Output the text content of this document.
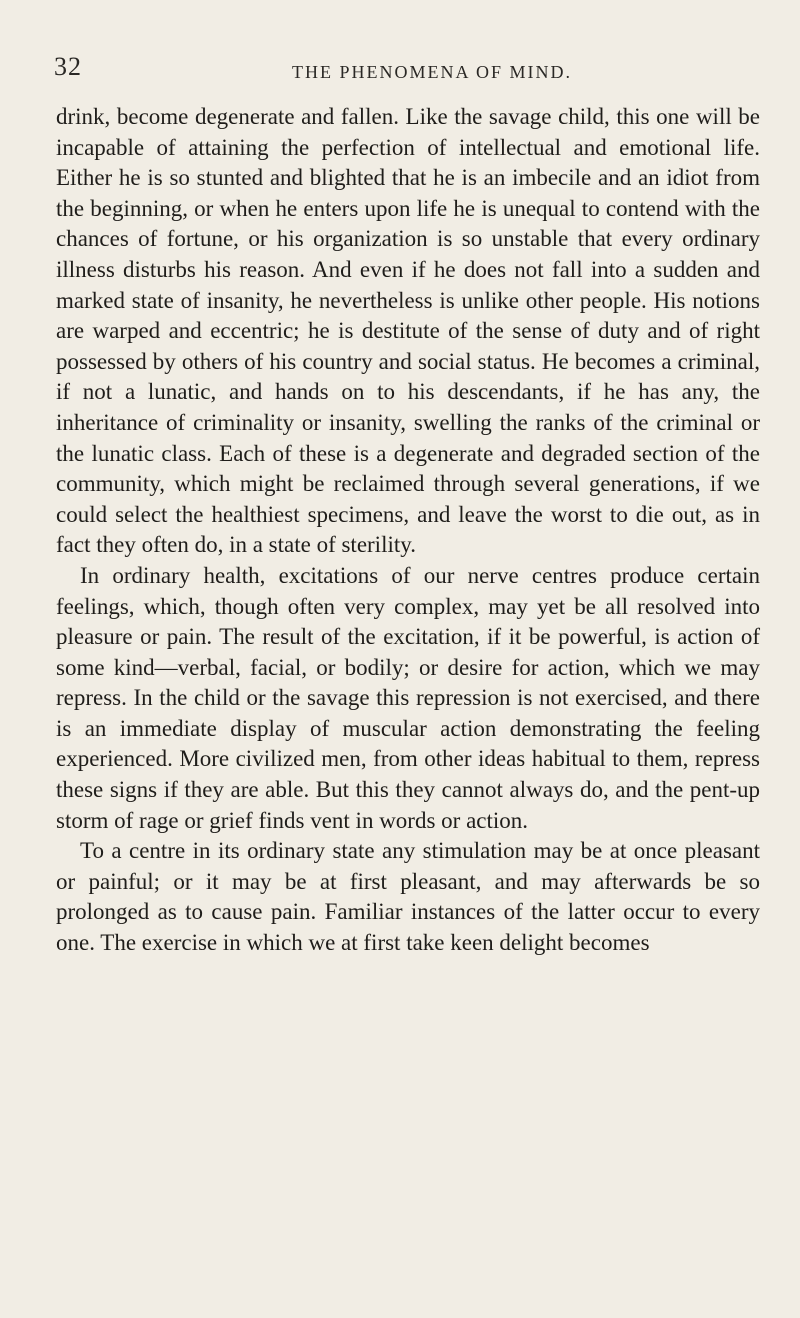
32	THE PHENOMENA OF MIND.

drink, become degenerate and fallen. Like the savage child, this one will be incapable of attaining the perfection of intellectual and emotional life. Either he is so stunted and blighted that he is an imbecile and an idiot from the beginning, or when he enters upon life he is unequal to contend with the chances of fortune, or his organization is so unstable that every ordinary illness disturbs his reason. And even if he does not fall into a sudden and marked state of insanity, he nevertheless is unlike other people. His notions are warped and eccentric; he is destitute of the sense of duty and of right possessed by others of his country and social status. He becomes a criminal, if not a lunatic, and hands on to his descendants, if he has any, the inheritance of criminality or insanity, swelling the ranks of the criminal or the lunatic class. Each of these is a degenerate and degraded section of the community, which might be reclaimed through several generations, if we could select the healthiest specimens, and leave the worst to die out, as in fact they often do, in a state of sterility.

In ordinary health, excitations of our nerve centres produce certain feelings, which, though often very complex, may yet be all resolved into pleasure or pain. The result of the excitation, if it be powerful, is action of some kind—verbal, facial, or bodily; or desire for action, which we may repress. In the child or the savage this repression is not exercised, and there is an immediate display of muscular action demonstrating the feeling experienced. More civilized men, from other ideas habitual to them, repress these signs if they are able. But this they cannot always do, and the pent-up storm of rage or grief finds vent in words or action.

To a centre in its ordinary state any stimulation may be at once pleasant or painful; or it may be at first pleasant, and may afterwards be so prolonged as to cause pain. Familiar instances of the latter occur to every one. The exercise in which we at first take keen delight becomes
